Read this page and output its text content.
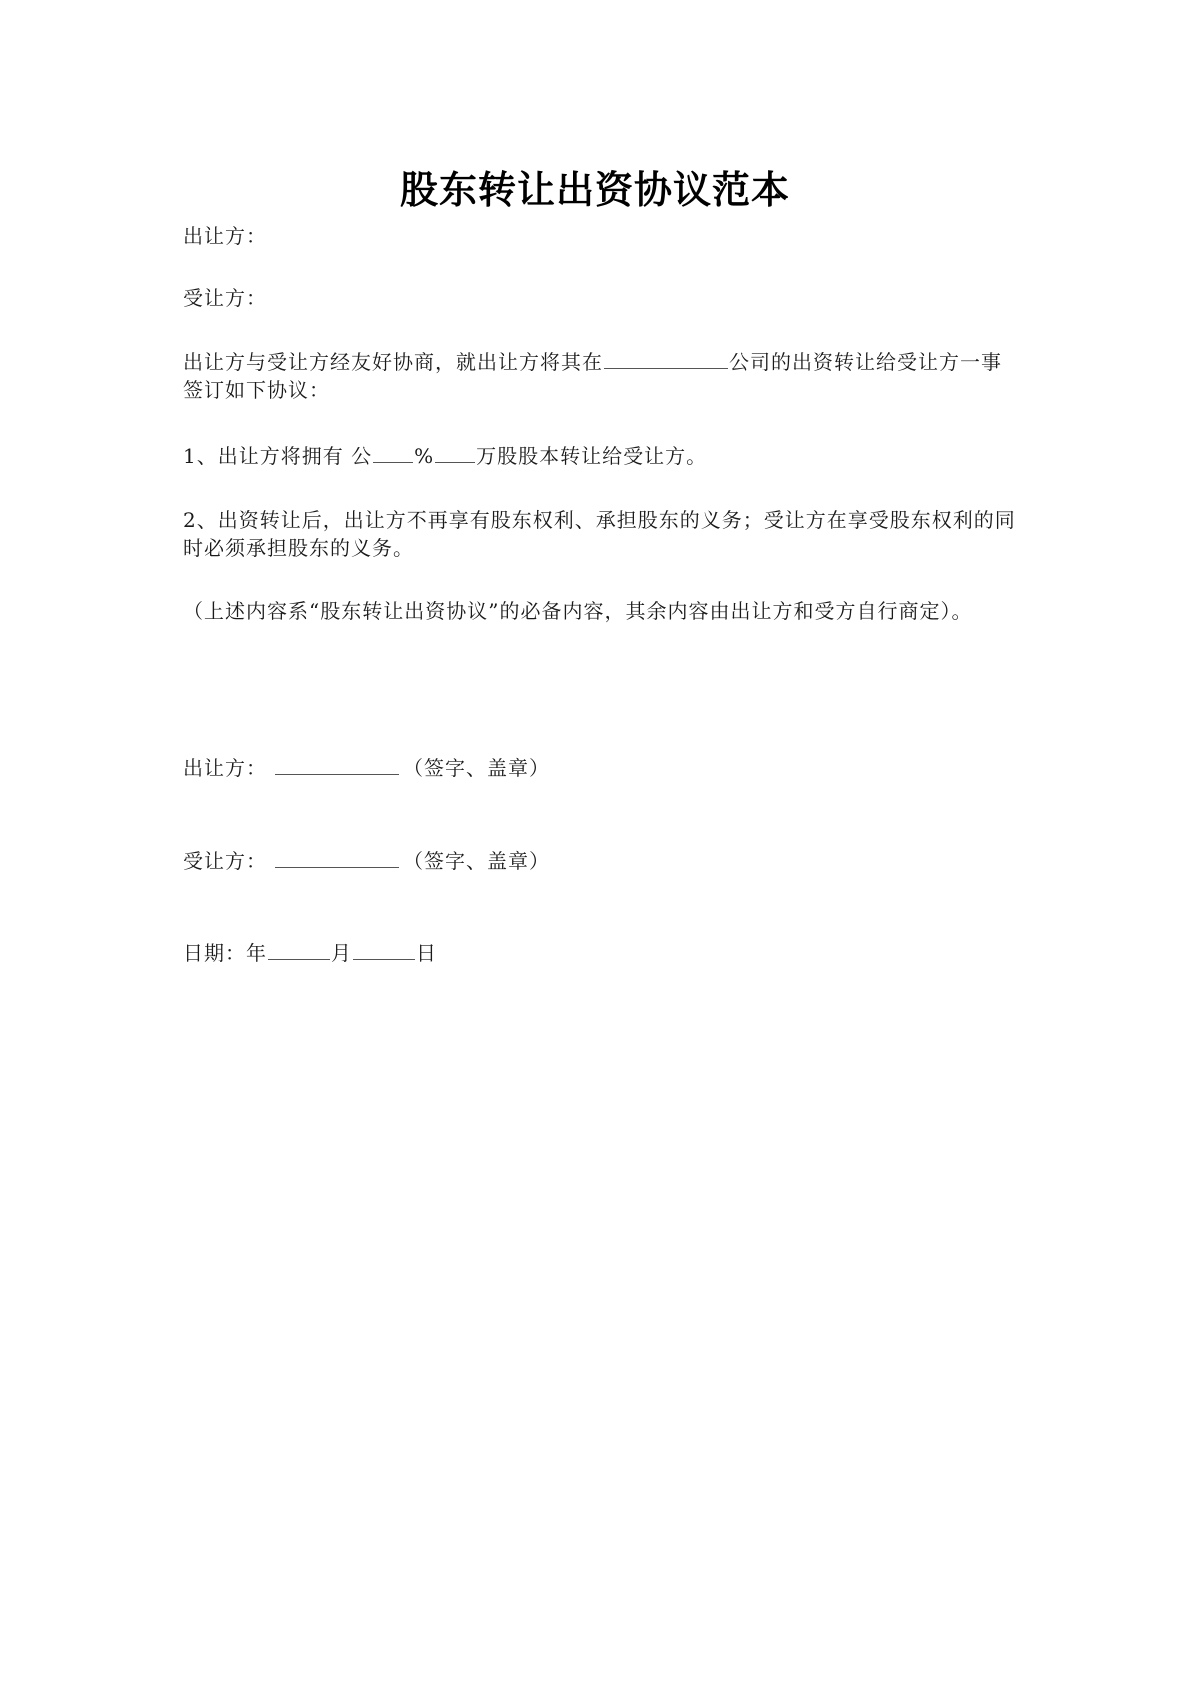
股东转让出资协议范本
出让方：
受让方：
出让方与受让方经友好协商，就出让方将其在	公司的出资转让给受让方一事
签订如下协议：
1、出让方将拥有 公 % 万股股本转让给受让方。
2、出资转让后，出让方不再享有股东权利、承担股东的义务；受让方在享受股东权利的同
时必须承担股东的义务。
（上述内容系“股东转让出资协议”的必备内容，其余内容由出让方和受方自行商定）。
出让方：	（签字、盖章）
受让方：	（签字、盖章）
日期：年	月	日
